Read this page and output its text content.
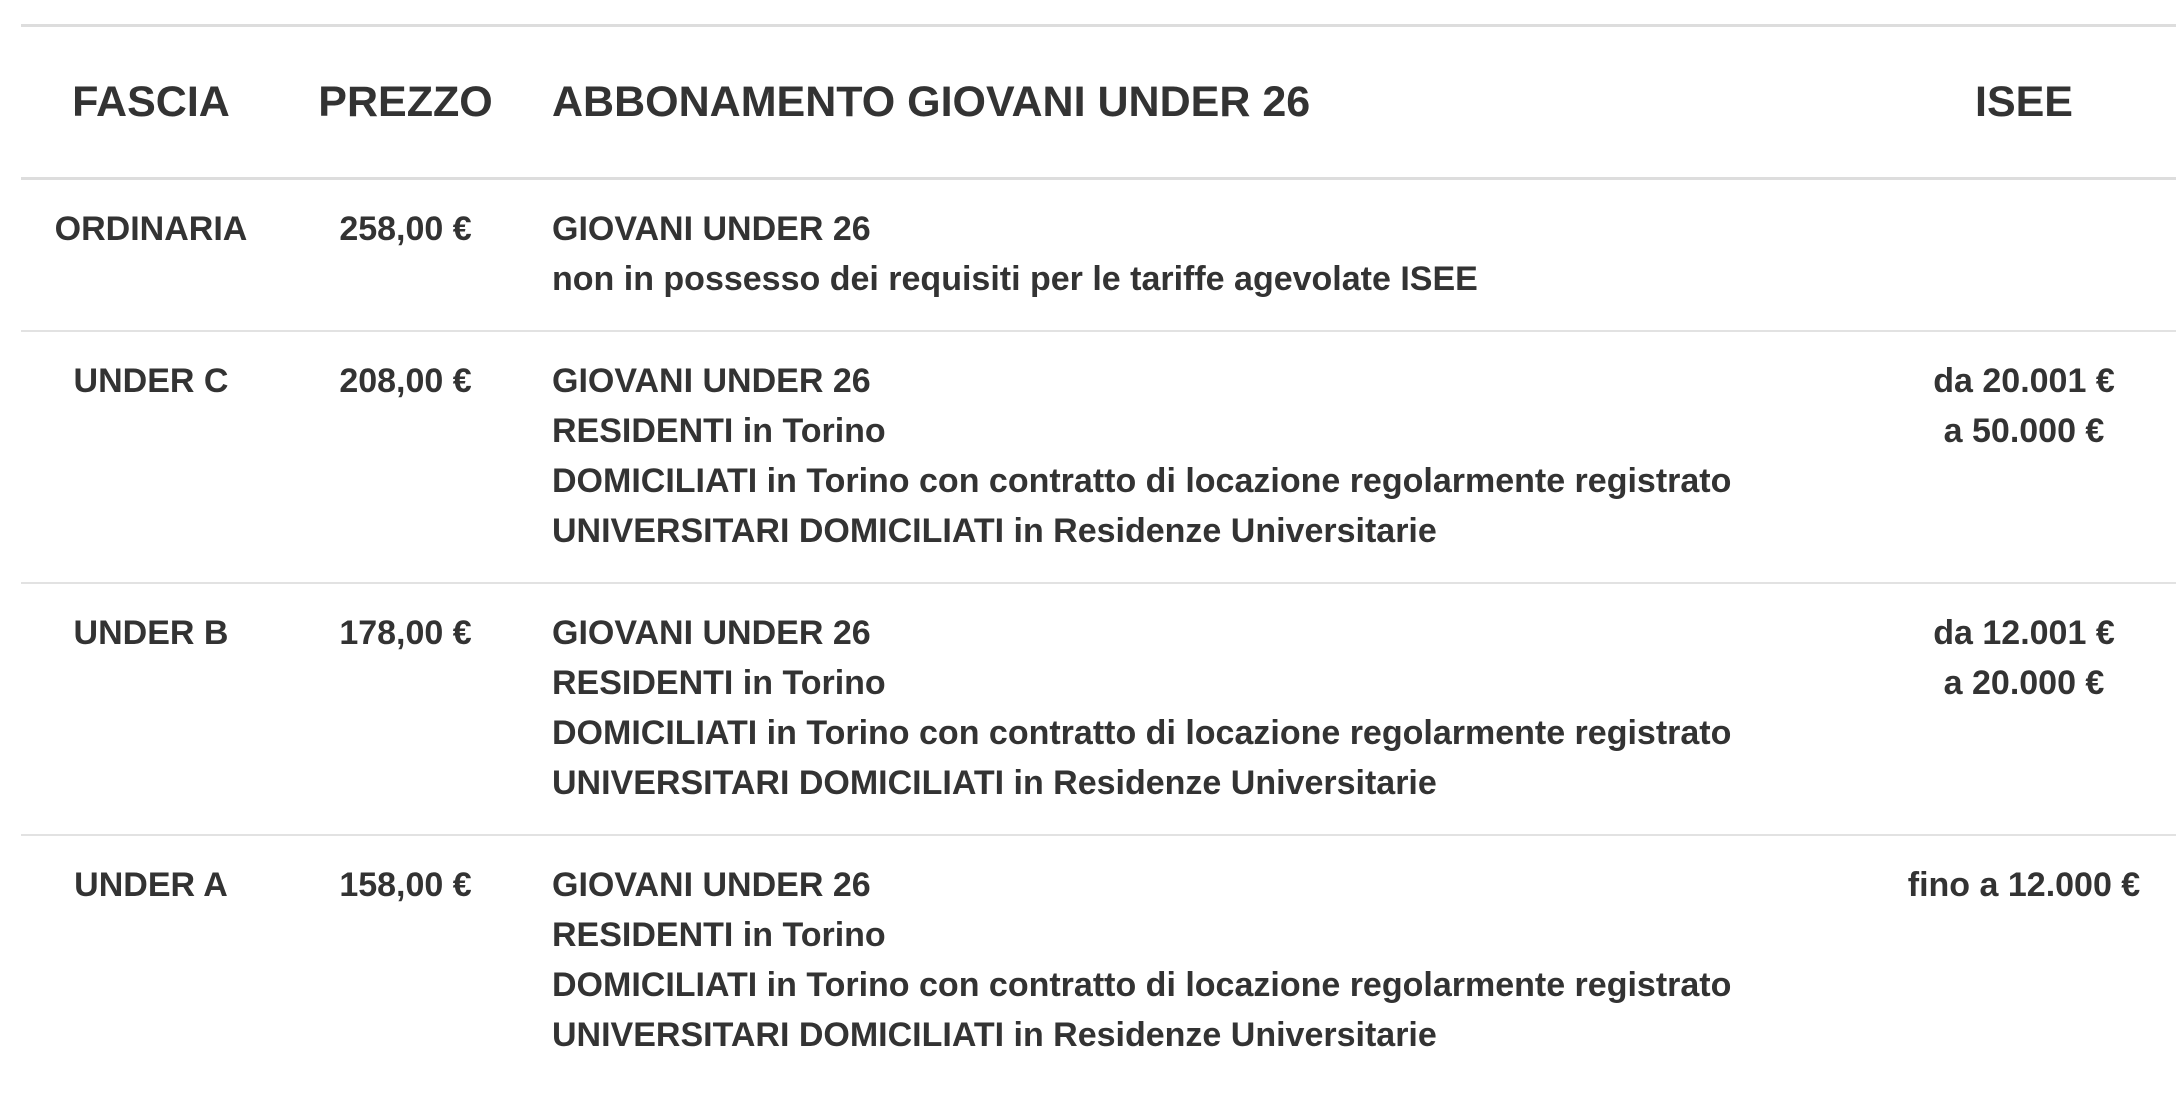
FASCIA	PREZZO	ABBONAMENTO GIOVANI UNDER 26	ISEE
ORDINARIA	258,00 €	GIOVANI UNDER 26
non in possesso dei requisiti per le tariffe agevolate ISEE	

UNDER C	208,00 €	GIOVANI UNDER 26
RESIDENTI in Torino
DOMICILIATI in Torino con contratto di locazione regolarmente registrato
UNIVERSITARI DOMICILIATI in Residenze Universitarie	da 20.001 €
a 50.000 €

UNDER B	178,00 €	GIOVANI UNDER 26
RESIDENTI in Torino
DOMICILIATI in Torino con contratto di locazione regolarmente registrato
UNIVERSITARI DOMICILIATI in Residenze Universitarie	da 12.001 €
a 20.000 €

UNDER A	158,00 €	GIOVANI UNDER 26
RESIDENTI in Torino
DOMICILIATI in Torino con contratto di locazione regolarmente registrato
UNIVERSITARI DOMICILIATI in Residenze Universitarie	fino a 12.000 €
